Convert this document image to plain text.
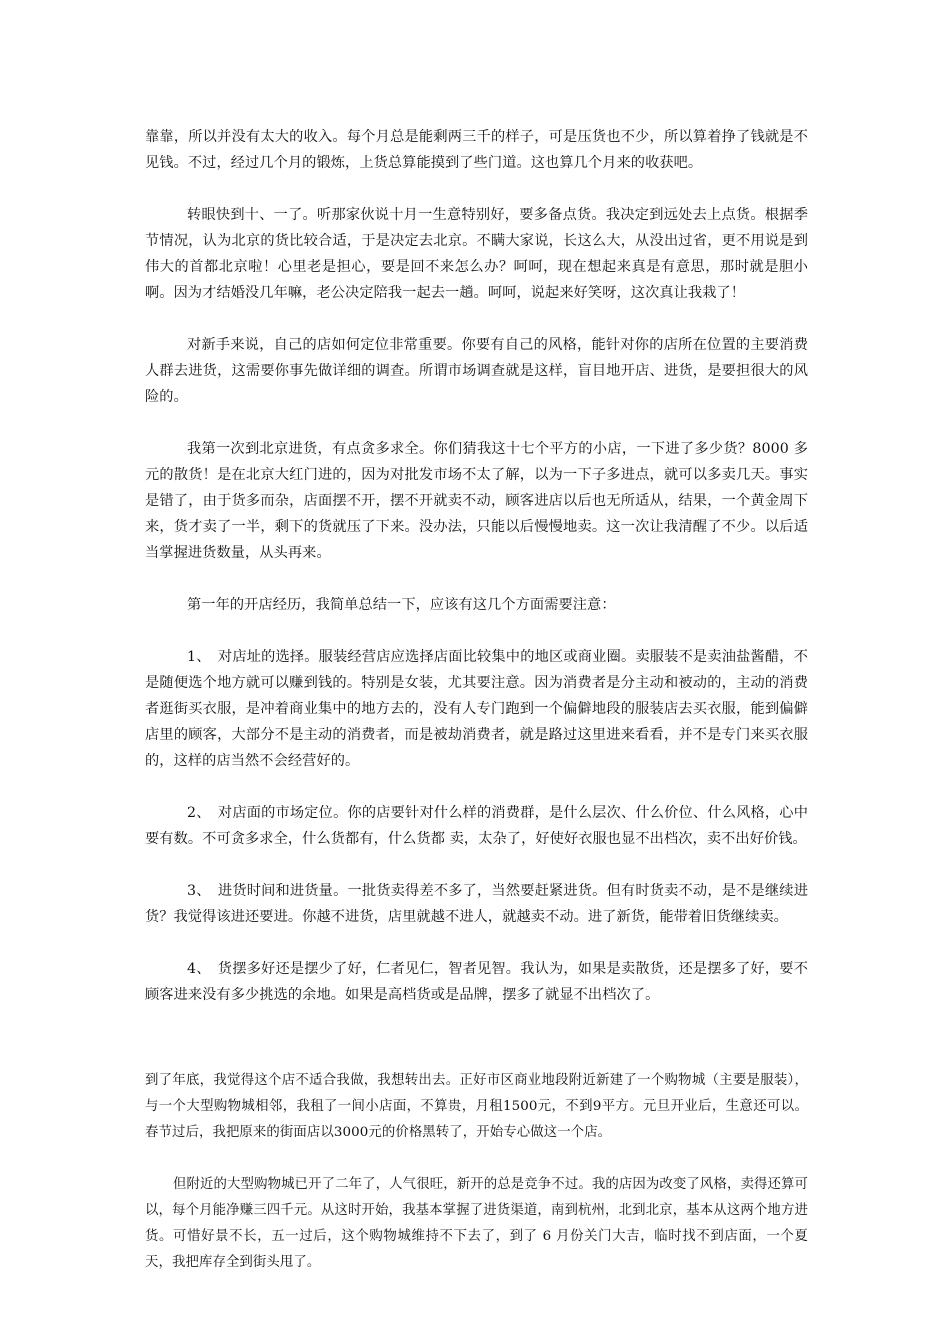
靠靠，所以并没有太大的收入。每个月总是能剩两三千的样子，可是压货也不少，所以算着挣了钱就是不见钱。不过，经过几个月的锻炼，上货总算能摸到了些门道。这也算几个月来的收获吧。

转眼快到十、一了。听那家伙说十月一生意特别好，要多备点货。我决定到远处去上点货。根据季节情况，认为北京的货比较合适，于是决定去北京。不瞒大家说，长这么大，从没出过省，更不用说是到伟大的首都北京啦！心里老是担心，要是回不来怎么办？呵呵，现在想起来真是有意思，那时就是胆小啊。因为才结婚没几年嘛，老公决定陪我一起去一趟。呵呵，说起来好笑呀，这次真让我栽了！

对新手来说，自己的店如何定位非常重要。你要有自己的风格，能针对你的店所在位置的主要消费人群去进货，这需要你事先做详细的调查。所谓市场调查就是这样，盲目地开店、进货，是要担很大的风险的。

我第一次到北京进货，有点贪多求全。你们猜我这十七个平方的小店，一下进了多少货？8000 多元的散货！是在北京大红门进的，因为对批发市场不太了解，以为一下子多进点，就可以多卖几天。事实是错了，由于货多而杂，店面摆不开，摆不开就卖不动，顾客进店以后也无所适从，结果，一个黄金周下来，货才卖了一半，剩下的货就压了下来。没办法，只能以后慢慢地卖。这一次让我清醒了不少。以后适当掌握进货数量，从头再来。

第一年的开店经历，我简单总结一下，应该有这几个方面需要注意：

1、　对店址的选择。服装经营店应选择店面比较集中的地区或商业圈。卖服装不是卖油盐酱醋，不是随便选个地方就可以赚到钱的。特别是女装，尤其要注意。因为消费者是分主动和被动的，主动的消费者逛街买衣服，是冲着商业集中的地方去的，没有人专门跑到一个偏僻地段的服装店去买衣服，能到偏僻店里的顾客，大部分不是主动的消费者，而是被劫消费者，就是路过这里进来看看，并不是专门来买衣服的，这样的店当然不会经营好的。

2、　对店面的市场定位。你的店要针对什么样的消费群，是什么层次、什么价位、什么风格，心中要有数。不可贪多求全，什么货都有，什么货都 卖，太杂了，好使好衣服也显不出档次，卖不出好价钱。

3、　进货时间和进货量。一批货卖得差不多了，当然要赶紧进货。但有时货卖不动，是不是继续进货？我觉得该进还要进。你越不进货，店里就越不进人，就越卖不动。进了新货，能带着旧货继续卖。

4、　货摆多好还是摆少了好，仁者见仁，智者见智。我认为，如果是卖散货，还是摆多了好，要不顾客进来没有多少挑选的余地。如果是高档货或是品牌，摆多了就显不出档次了。

到了年底，我觉得这个店不适合我做，我想转出去。正好市区商业地段附近新建了一个购物城（主要是服装），与一个大型购物城相邻，我租了一间小店面，不算贵，月租1500元，不到9平方。元旦开业后，生意还可以。春节过后，我把原来的街面店以3000元的价格黑转了，开始专心做这一个店。

但附近的大型购物城已开了二年了，人气很旺，新开的总是竞争不过。我的店因为改变了风格，卖得还算可以，每个月能净赚三四千元。从这时开始，我基本掌握了进货渠道，南到杭州，北到北京，基本从这两个地方进货。可惜好景不长，五一过后，这个购物城维持不下去了，到了 6 月份关门大吉，临时找不到店面，一个夏天，我把库存全到街头甩了。
